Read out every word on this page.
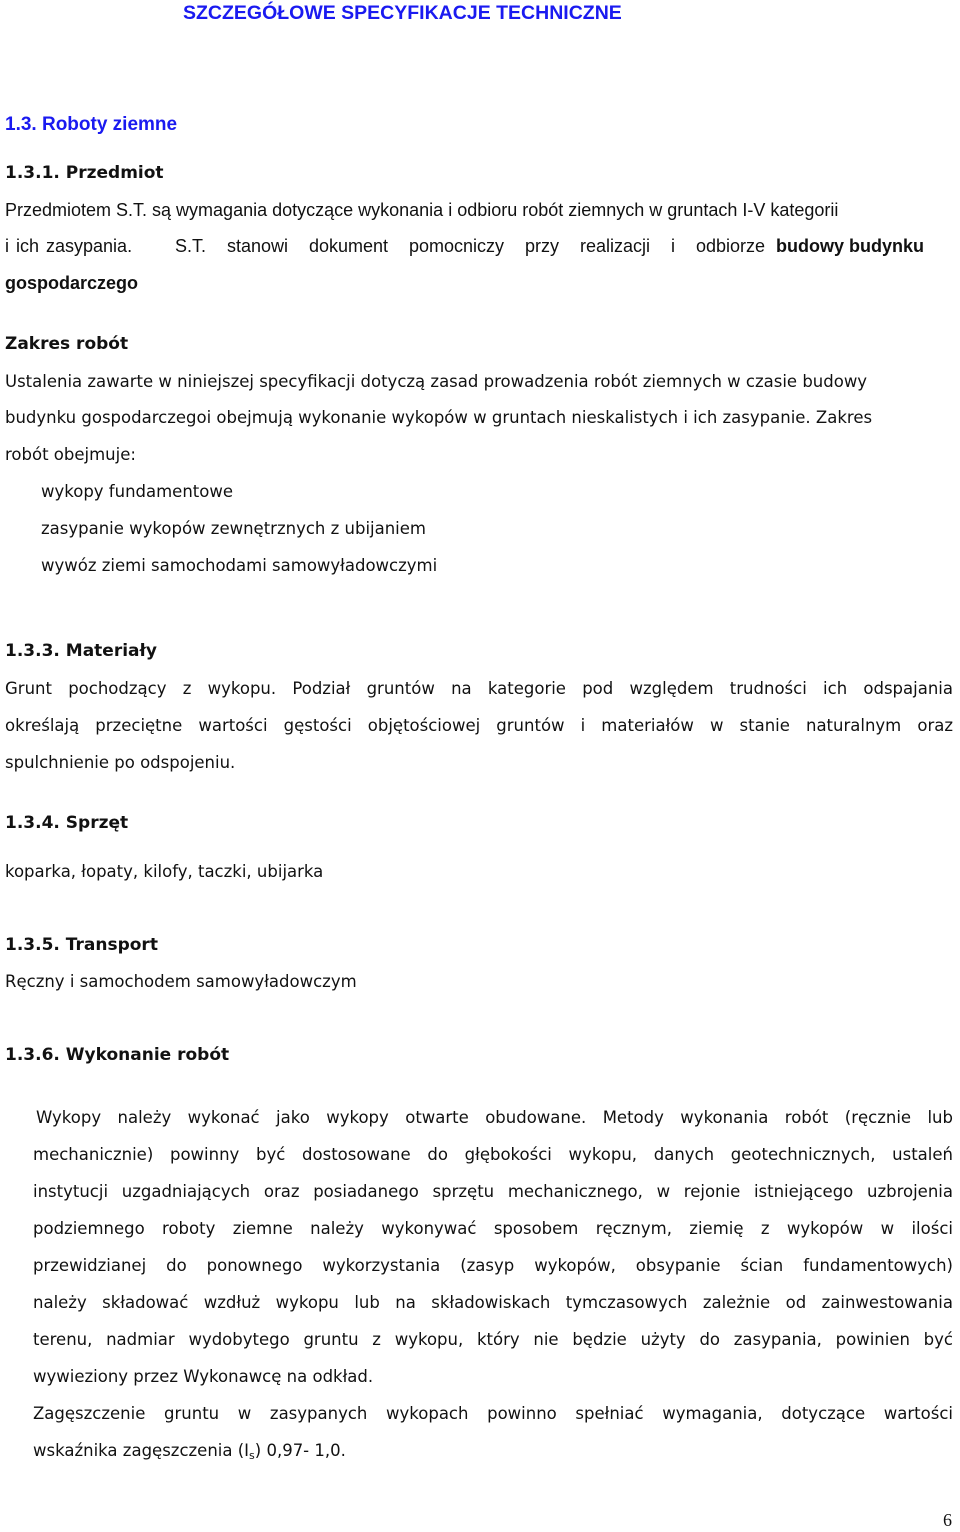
SZCZEGÓŁOWE SPECYFIKACJE TECHNICZNE
1.3. Roboty ziemne
1.3.1. Przedmiot
Przedmiotem S.T. są wymagania dotyczące wykonania i odbioru robót ziemnych w gruntach I-V kategorii
i ich zasypania. S.T. stanowi dokument pomocniczy przy realizacji i odbiorze budowy budynku
gospodarczego
Zakres robót
Ustalenia zawarte w niniejszej specyfikacji dotyczą zasad prowadzenia robót ziemnych w czasie budowy
budynku gospodarczegoi obejmują wykonanie wykopów w gruntach nieskalistych i ich zasypanie. Zakres
robót obejmuje:
wykopy fundamentowe
zasypanie wykopów zewnętrznych z ubijaniem
wywóz ziemi samochodami samowyładowczymi
1.3.3. Materiały
Grunt pochodzący z wykopu. Podział gruntów na kategorie pod względem trudności ich odspajania
określają przeciętne wartości gęstości objętościowej gruntów i materiałów w stanie naturalnym oraz
spulchnienie po odspojeniu.
1.3.4. Sprzęt
koparka, łopaty, kilofy, taczki, ubijarka
1.3.5. Transport
Ręczny i samochodem samowyładowczym
1.3.6. Wykonanie robót
Wykopy należy wykonać jako wykopy otwarte obudowane. Metody wykonania robót (ręcznie lub
mechanicznie) powinny być dostosowane do głębokości wykopu, danych geotechnicznych, ustaleń
instytucji uzgadniających oraz posiadanego sprzętu mechanicznego, w rejonie istniejącego uzbrojenia
podziemnego roboty ziemne należy wykonywać sposobem ręcznym, ziemię z wykopów w ilości
przewidzianej do ponownego wykorzystania (zasyp wykopów, obsypanie ścian fundamentowych)
należy składować wzdłuż wykopu lub na składowiskach tymczasowych zależnie od zainwestowania
terenu, nadmiar wydobytego gruntu z wykopu, który nie będzie użyty do zasypania, powinien być
wywieziony przez Wykonawcę na odkład.
Zagęszczenie gruntu w zasypanych wykopach powinno spełniać wymagania, dotyczące wartości
wskaźnika zagęszczenia $(I_s)$ 0,97- 1,0.
6
